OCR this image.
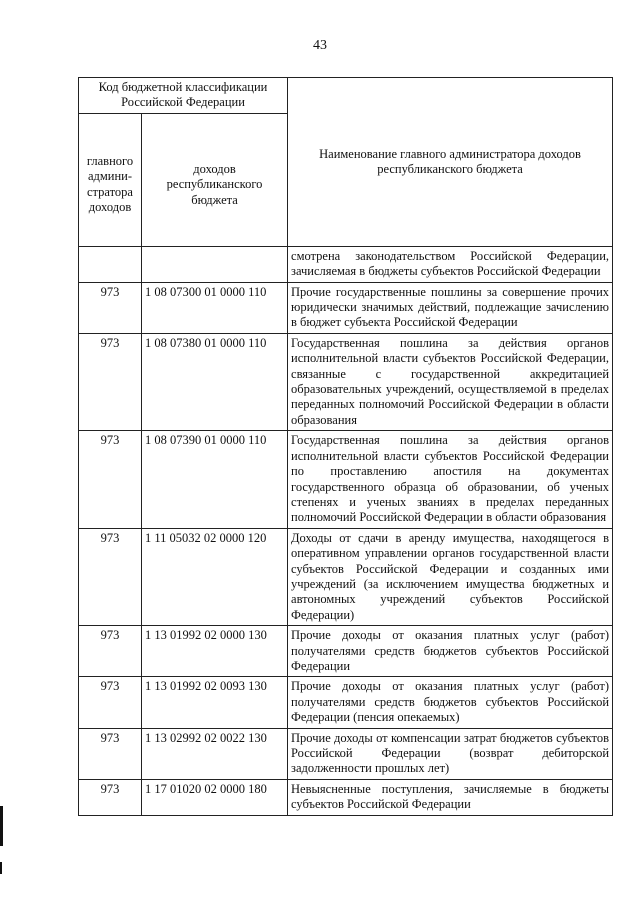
43
Код бюджетной классификации Российской Федерации		Наименование главного администратора доходов республиканского бюджета
главного админи-стратора доходов	доходов республиканского бюджета	
		смотрена законодательством Российской Федерации, зачисляемая в бюджеты субъектов Российской Федерации
973	1 08 07300 01 0000 110	Прочие государственные пошлины за совершение прочих юридически значимых действий, подлежащие зачислению в бюджет субъекта Российской Федерации
973	1 08 07380 01 0000 110	Государственная пошлина за действия органов исполнительной власти субъектов Российской Федерации, связанные с государственной аккредитацией образовательных учреждений, осуществляемой в пределах переданных полномочий Российской Федерации в области образования
973	1 08 07390 01 0000 110	Государственная пошлина за действия органов исполнительной власти субъектов Российской Федерации по проставлению апостиля на документах государственного образца об образовании, об ученых степенях и ученых званиях в пределах переданных полномочий Российской Федерации в области образования
973	1 11 05032 02 0000 120	Доходы от сдачи в аренду имущества, находящегося в оперативном управлении органов государственной власти субъектов Российской Федерации и созданных ими учреждений (за исключением имущества бюджетных и автономных учреждений субъектов Российской Федерации)
973	1 13 01992 02 0000 130	Прочие доходы от оказания платных услуг (работ) получателями средств бюджетов субъектов Российской Федерации
973	1 13 01992 02 0093 130	Прочие доходы от оказания платных услуг (работ) получателями средств бюджетов субъектов Российской Федерации (пенсия опекаемых)
973	1 13 02992 02 0022 130	Прочие доходы от компенсации затрат бюджетов субъектов Российской Федерации (возврат дебиторской задолженности прошлых лет)
973	1 17 01020 02 0000 180	Невыясненные поступления, зачисляемые в бюджеты субъектов Российской Федерации
